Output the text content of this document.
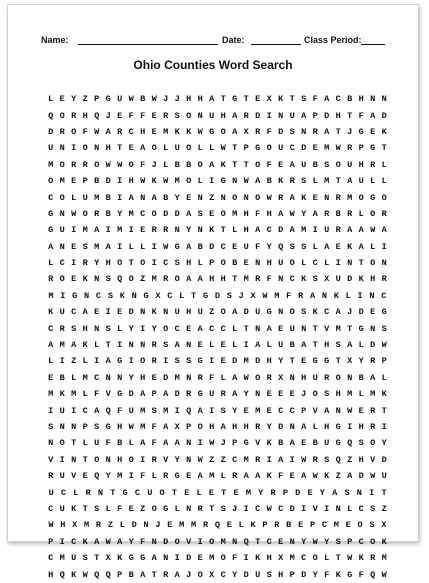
Name:	Date:	Class Period:
Ohio Counties Word Search
L E Y Z P G U W B W J J H H A T G T E X K T S F A C B H N N
Q O R H Q J E F F E R S O N U H A R D I N U A P D H T F A D
D R O F W A R C H E M K K W G O A X R F D S N R A T J G E K
U N I O N H T E A O L U O L L W T P G O U C D E M W R P G T
M O R R O W W O F J L B B O A K T T O F E A U B S O U H R L
O M E P B D I H W K W M O L I G N W A B K R S L M T A U L L
C O L U M B I A N A B Y E N Z N O N O W R A K E N R M O G O
G N W O R B Y M C O D D A S E O M H F H A W Y A R B R L O R
G U I M A I M I E R R N Y N K T L H A C D A M I U R A A W A
A N E S M A I L L I W G A B D C E U F Y Q S S L A E K A L I
L C I R Y H O T O I C S H L P O B E N H U O L C L I N T O N
R O E K N S Q O Z M R O A A H H T M R F N C K S X U D K H R
M I G N C S K N G X C L T G D S J X W M F R A N K L I N C
K U C A E I E D N K N U H U Z O A D U G N O S K C A J D E G
C R S H N S L Y I Y O C E A C C L T N A E U N T V M T G N S
A M A K L T I N N R S A N E L E L I A L U B A T H S A L D W
L I Z L I A G I O R I S S G I E D M D H Y T E G G T X Y R P
E B L M C N N Y H E D M N R F L A W O R X N H U R O N B A L
M K M L F V G D A P A D R G U R A Y N E E E J O S H M L M K
I U I C A Q F U M S M I Q A I S Y E M E C C P V A N W E R T
S N N P S G H W M F A X P O H A H H R Y D N A L H G I H R I
N O T L U F B L A F A A N I W J P G V K B A E B U G Q S O Y
V I N T O N H O I R V Y N W Z Z C M R I A I W R S Q Z H V D
R U V E Q Y M I F L R G E A M L R A A K F E A W K Z A D W U
U C L R N T G C U O T E L E T E M Y R P D E Y A S N I T
C U K T S L F E Z O G L N R T S J I C W C D I V I N L C S Z
W H X M R Z L D N J E M M R Q E L K P R B E P C M E O S X
P I C K A W A Y F N D O V I O M N Q T C E N Y W Y S P C O K
C M U S T X K G G A N I D E M O F I K H X M C O L T W K R M
H Q K W Q Q P B A T R A J O X C Y D U S H P D Y F K G F Q W
